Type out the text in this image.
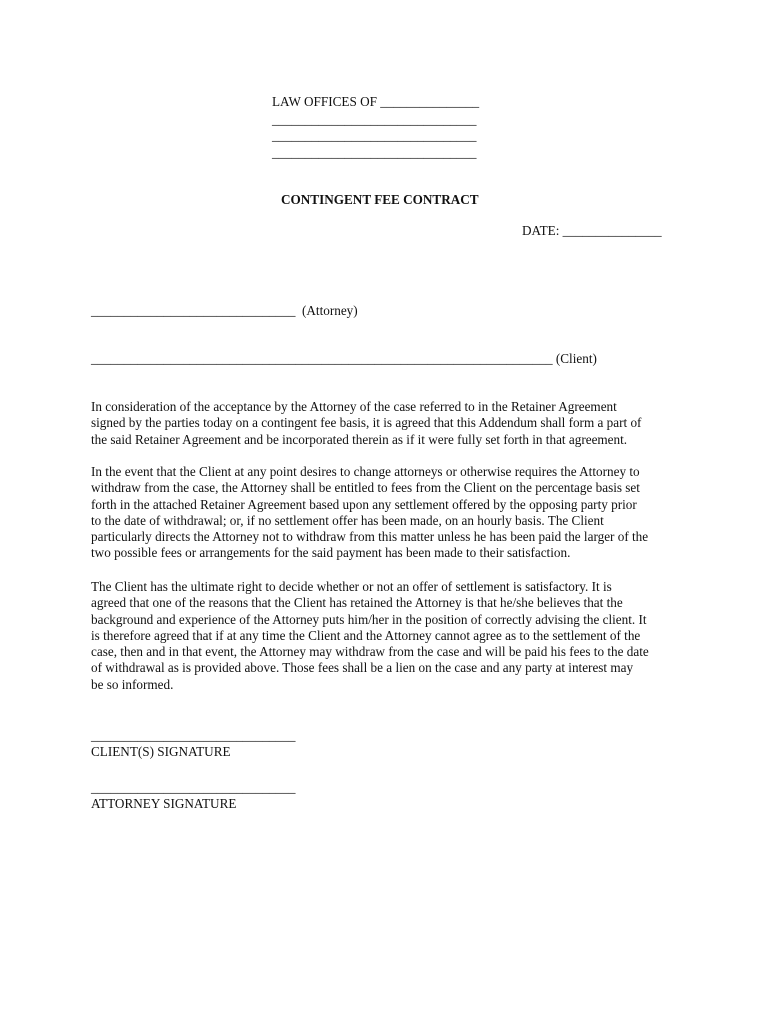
LAW OFFICES OF _______________
_______________________________
_______________________________
_______________________________
CONTINGENT FEE CONTRACT
DATE: _______________
_______________________________  (Attorney)
______________________________________________________________________ (Client)

In consideration of the acceptance by the Attorney of the case referred to in the Retainer Agreement
signed by the parties today on a contingent fee basis, it is agreed that this Addendum shall form a part of
the said Retainer Agreement and be incorporated therein as if it were fully set forth in that agreement.

In the event that the Client at any point desires to change attorneys or otherwise requires the Attorney to
withdraw from the case, the Attorney shall be entitled to fees from the Client on the percentage basis set
forth in the attached Retainer Agreement based upon any settlement offered by the opposing party prior
to the date of withdrawal; or, if no settlement offer has been made, on an hourly basis. The Client
particularly directs the Attorney not to withdraw from this matter unless he has been paid the larger of the
two possible fees or arrangements for the said payment has been made to their satisfaction.

The Client has the ultimate right to decide whether or not an offer of settlement is satisfactory. It is
agreed that one of the reasons that the Client has retained the Attorney is that he/she believes that the
background and experience of the Attorney puts him/her in the position of correctly advising the client. It
is therefore agreed that if at any time the Client and the Attorney cannot agree as to the settlement of the
case, then and in that event, the Attorney may withdraw from the case and will be paid his fees to the date
of withdrawal as is provided above. Those fees shall be a lien on the case and any party at interest may
be so informed.

_______________________________
CLIENT(S) SIGNATURE
_______________________________
ATTORNEY SIGNATURE
